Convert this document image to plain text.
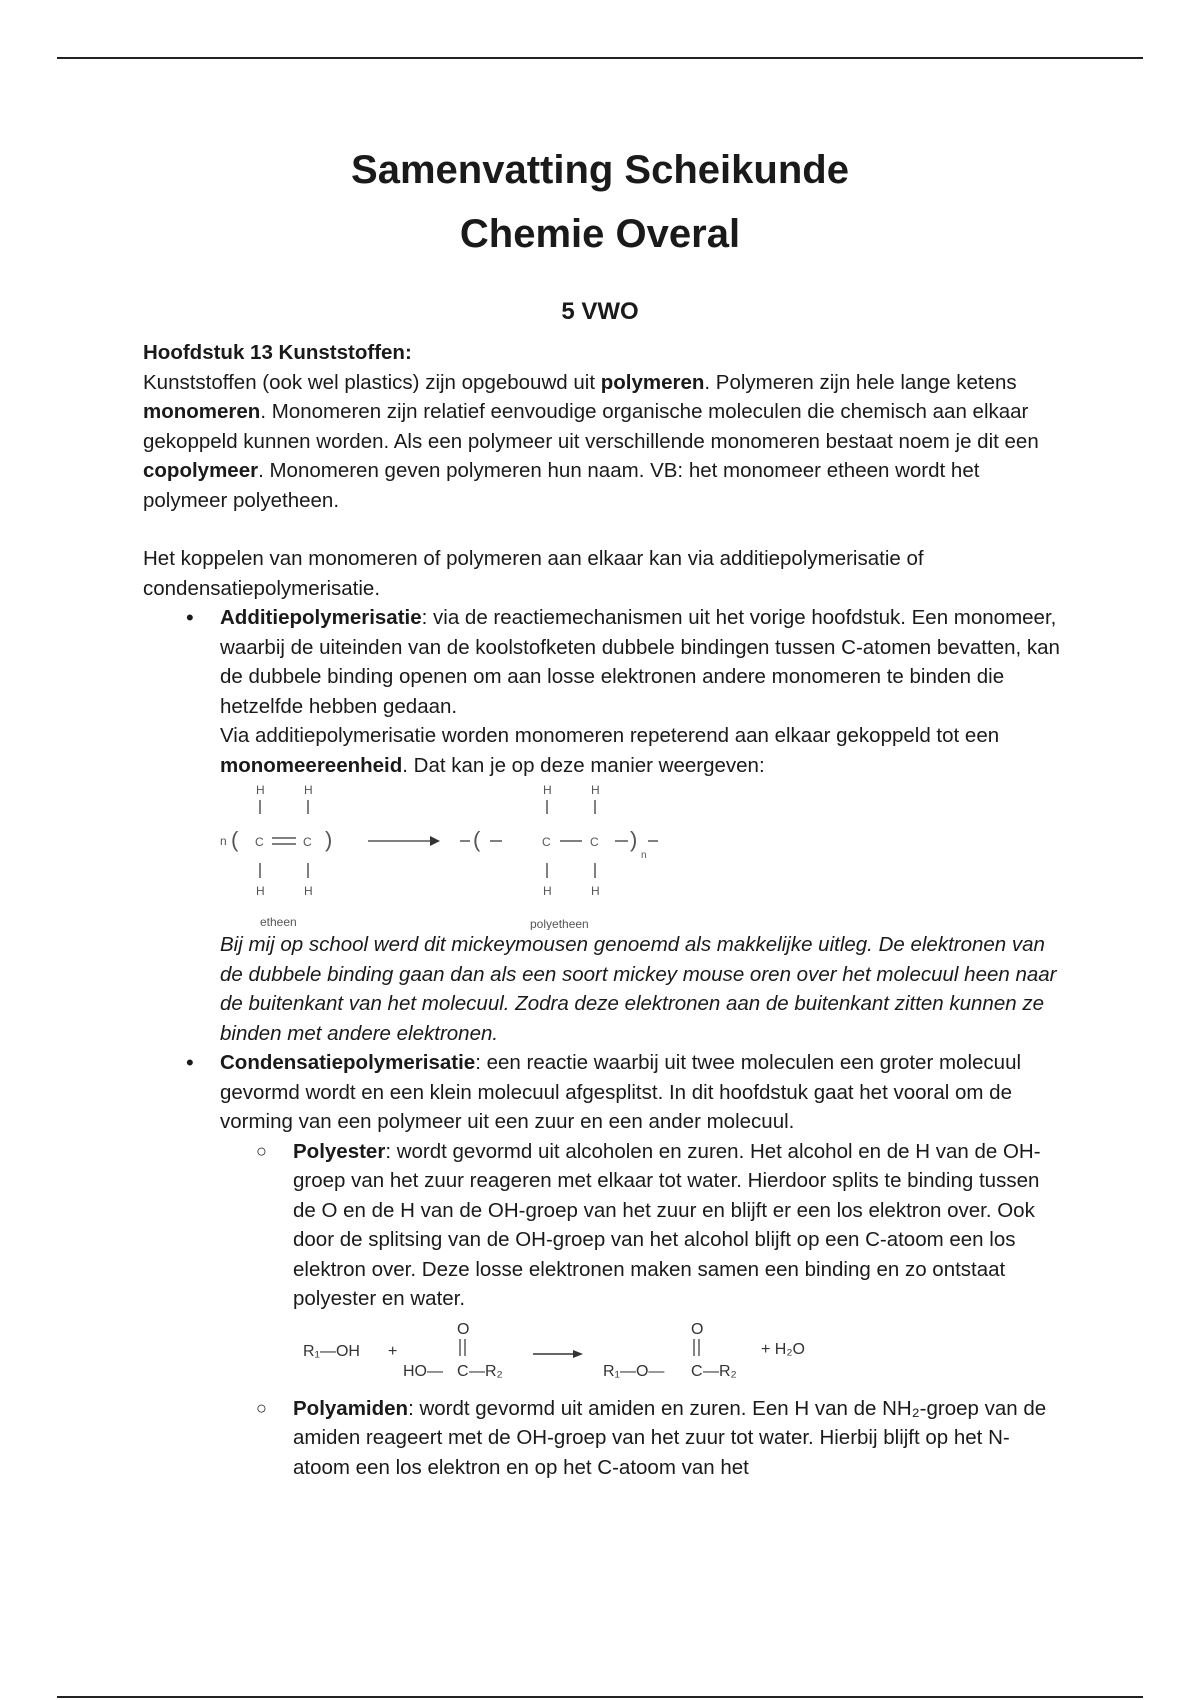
Samenvatting Scheikunde
Chemie Overal
5 VWO

Hoofdstuk 13 Kunststoffen:

Kunststoffen (ook wel plastics) zijn opgebouwd uit polymeren. Polymeren zijn hele lange ketens monomeren. Monomeren zijn relatief eenvoudige organische moleculen die chemisch aan elkaar gekoppeld kunnen worden. Als een polymeer uit verschillende monomeren bestaat noem je dit een copolymeer. Monomeren geven polymeren hun naam. VB: het monomeer etheen wordt het polymeer polyetheen.

Het koppelen van monomeren of polymeren aan elkaar kan via additiepolymerisatie of condensatiepolymerisatie.

• Additiepolymerisatie: via de reactiemechanismen uit het vorige hoofdstuk. Een monomeer, waarbij de uiteinden van de koolstofketen dubbele bindingen tussen C-atomen bevatten, kan de dubbele binding openen om aan losse elektronen andere monomeren te binden die hetzelfde hebben gedaan.

Via additiepolymerisatie worden monomeren repeterend aan elkaar gekoppeld tot een monomeereenheid. Dat kan je op deze manier weergeven:

n (
H	H
C	C )
H	H
etheen
(
H	H
C	C )
n
H	H
polyetheen

Bij mij op school werd dit mickeymousen genoemd als makkelijke uitleg. De elektronen van de dubbele binding gaan dan als een soort mickey mouse oren over het molecuul heen naar de buitenkant van het molecuul. Zodra deze elektronen aan de buitenkant zitten kunnen ze binden met andere elektronen.

• Condensatiepolymerisatie: een reactie waarbij uit twee moleculen een groter molecuul gevormd wordt en een klein molecuul afgesplitst. In dit hoofdstuk gaat het vooral om de vorming van een polymeer uit een zuur en een ander molecuul.

○ Polyester: wordt gevormd uit alcoholen en zuren. Het alcohol en de H van de OH-groep van het zuur reageren met elkaar tot water. Hierdoor splits te binding tussen de O en de H van de OH-groep van het zuur en blijft er een los elektron over. Ook door de splitsing van de OH-groep van het alcohol blijft op een C-atoom een los elektron over. Deze losse elektronen maken samen een binding en zo ontstaat polyester en water.

R₁—OH +
O
HO— C —R₂
O
R₁—O— C —R₂
+ H₂O
○ Polyamiden: wordt gevormd uit amiden en zuren. Een H van de NH₂-groep van de amiden reageert met de OH-groep van het zuur tot water. Hierbij blijft op het N-atoom een los elektron en op het C-atoom van het
